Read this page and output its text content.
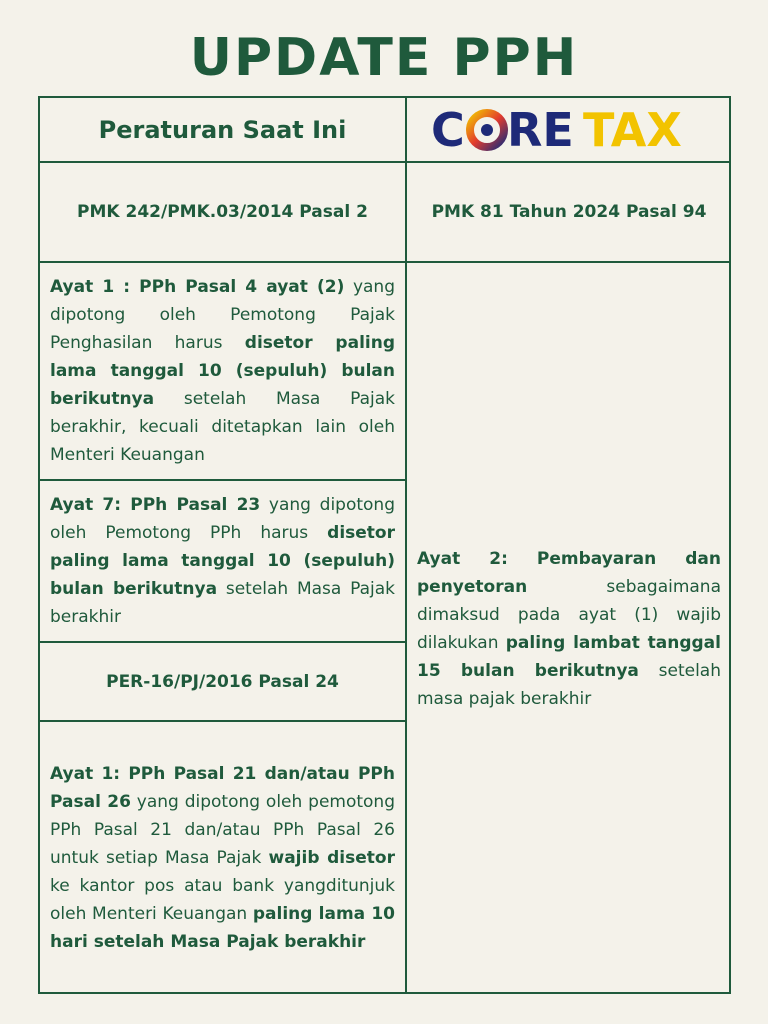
UPDATE PPH
Peraturan Saat Ini C RE TAX
PMK 242/PMK.03/2014 Pasal 2	PMK 81 Tahun 2024 Pasal 94

Ayat 1 : PPh Pasal 4 ayat (2) yang dipotong oleh Pemotong Pajak Penghasilan harus disetor paling lama tanggal 10 (sepuluh) bulan berikutnya setelah Masa Pajak berakhir, kecuali ditetapkan lain oleh Menteri Keuangan

Ayat 7: PPh Pasal 23 yang dipotong oleh Pemotong PPh harus disetor paling lama tanggal 10 (sepuluh) bulan berikutnya setelah Masa Pajak berakhir

PER-16/PJ/2016 Pasal 24

Ayat 1: PPh Pasal 21 dan/atau PPh Pasal 26 yang dipotong oleh pemotong PPh Pasal 21 dan/atau PPh Pasal 26 untuk setiap Masa Pajak wajib disetor ke kantor pos atau bank yangditunjuk oleh Menteri Keuangan paling lama 10 hari setelah Masa Pajak berakhir

Ayat 2: Pembayaran dan penyetoran sebagaimana dimaksud pada ayat (1) wajib dilakukan paling lambat tanggal 15 bulan berikutnya setelah masa pajak berakhir
